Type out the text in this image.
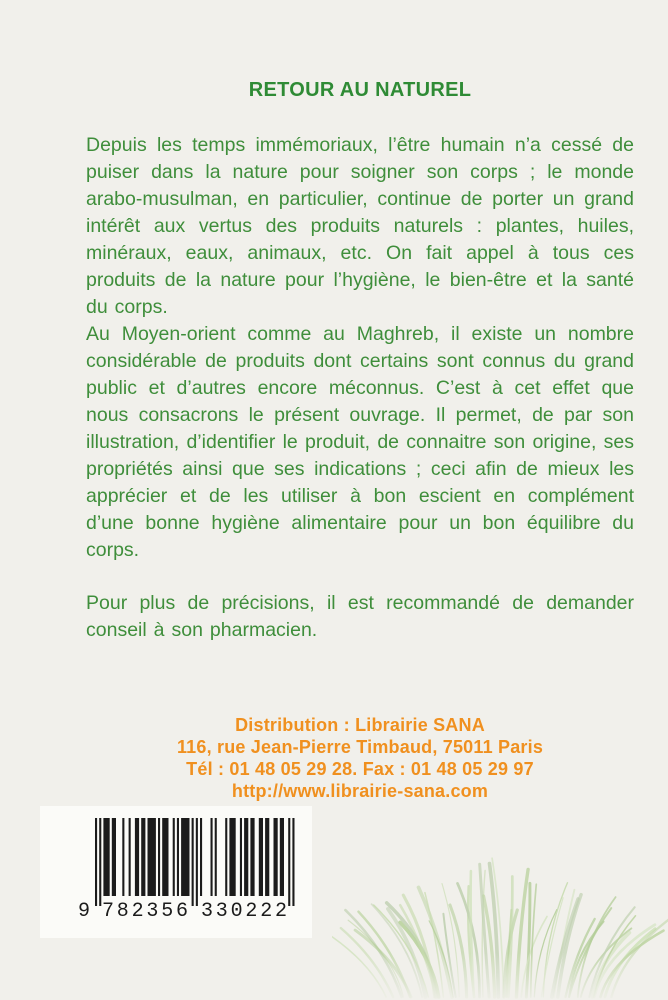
RETOUR AU NATUREL

Depuis les temps immémoriaux, l’être humain n’a cessé de puiser dans la nature pour soigner son corps ; le monde arabo-musulman, en particulier, continue de porter un grand intérêt aux vertus des produits naturels : plantes, huiles, minéraux, eaux, animaux, etc. On fait appel à tous ces produits de la nature pour l’hygiène, le bien-être et la santé du corps.

Au Moyen-orient comme au Maghreb, il existe un nombre considérable de produits dont certains sont connus du grand public et d’autres encore méconnus. C’est à cet effet que nous consacrons le présent ouvrage. Il permet, de par son illustration, d’identifier le produit, de connaitre son origine, ses propriétés ainsi que ses indications ; ceci afin de mieux les apprécier et de les utiliser à bon escient en complément d’une bonne hygiène alimentaire pour un bon équilibre du corps.

Pour plus de précisions, il est recommandé de demander conseil à son pharmacien.

Distribution : Librairie SANA
116, rue Jean-Pierre Timbaud, 75011 Paris
Tél : 01 48 05 29 28. Fax : 01 48 05 29 97
http://www.librairie-sana.com
9 782356 330222
